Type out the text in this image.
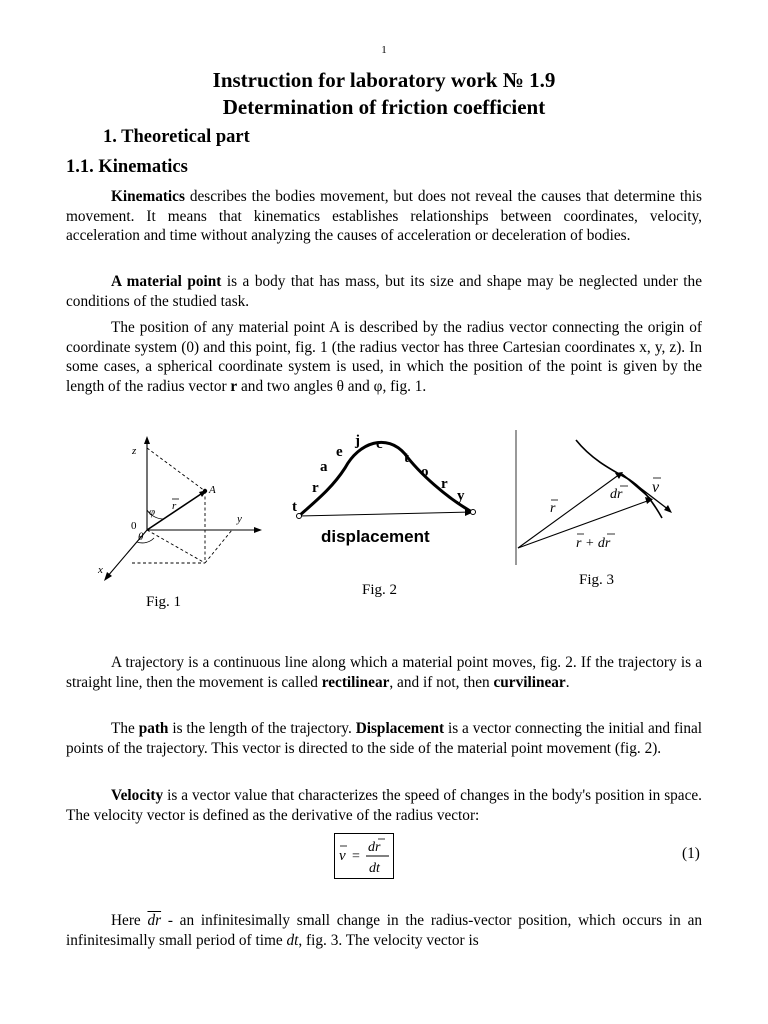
1
Instruction for laboratory work № 1.9
Determination of friction coefficient
1. Theoretical part
1.1. Kinematics
Kinematics describes the bodies movement, but does not reveal the causes that determine this movement. It means that kinematics establishes relationships between coordinates, velocity, acceleration and time without analyzing the causes of acceleration or deceleration of bodies.
A material point is a body that has mass, but its size and shape may be neglected under the conditions of the studied task.
The position of any material point A is described by the radius vector connecting the origin of coordinate system (0) and this point, fig. 1 (the radius vector has three Cartesian coordinates x, y, z). In some cases, a spherical coordinate system is used, in which the position of the point is given by the length of the radius vector r and two angles θ and φ, fig. 1.
z
y
x
A
0
φ
θ
r
Fig. 1
t
r
a
e
j c
t
o
r
y
displacement
Fig. 2
r
dr v
r + dr
Fig. 3
A trajectory is a continuous line along which a material point moves, fig. 2. If the trajectory is a straight line, then the movement is called rectilinear, and if not, then curvilinear.
The path is the length of the trajectory. Displacement is a vector connecting the initial and final points of the trajectory. This vector is directed to the side of the material point movement (fig. 2).
Velocity is a vector value that characterizes the speed of changes in the body's position in space. The velocity vector is defined as the derivative of the radius vector:
v =
dr
dt
(1)
Here $\overline{dr}$ - an infinitesimally small change in the radius-vector position, which occurs in an infinitesimally small period of time dt, fig. 3. The velocity vector is
